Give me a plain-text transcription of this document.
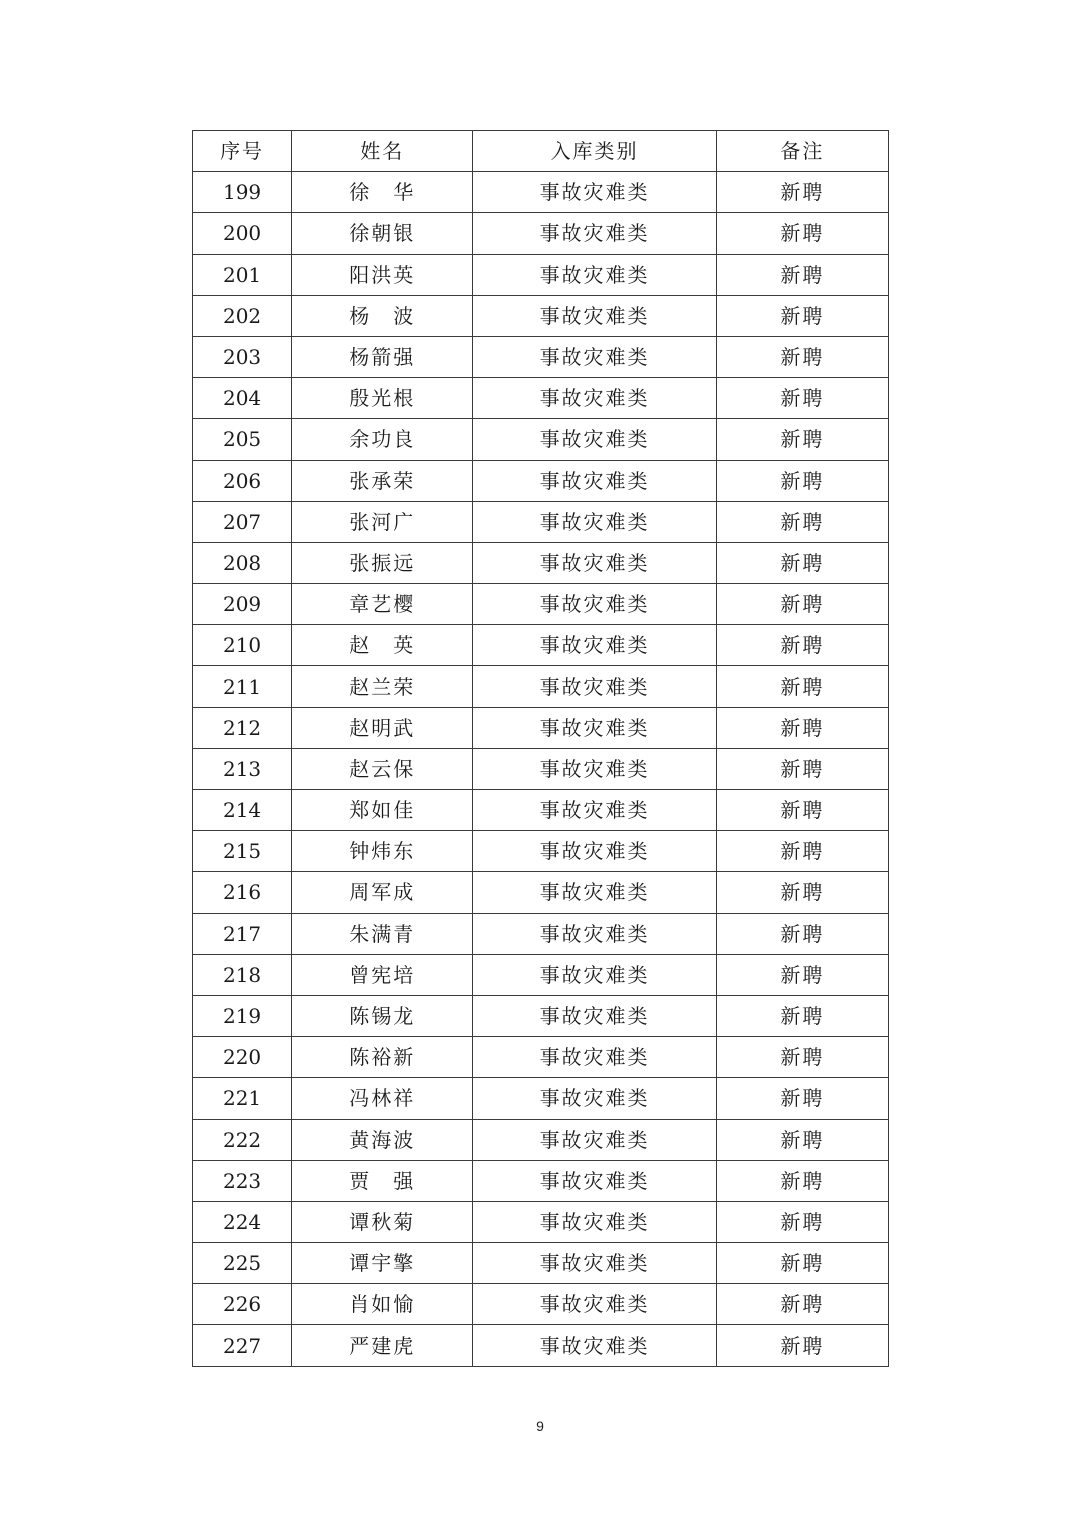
序号	姓名	入库类别	备注
199	徐　华	事故灾难类	新聘
200	徐朝银	事故灾难类	新聘
201	阳洪英	事故灾难类	新聘
202	杨　波	事故灾难类	新聘
203	杨箭强	事故灾难类	新聘
204	殷光根	事故灾难类	新聘
205	余功良	事故灾难类	新聘
206	张承荣	事故灾难类	新聘
207	张河广	事故灾难类	新聘
208	张振远	事故灾难类	新聘
209	章艺樱	事故灾难类	新聘
210	赵　英	事故灾难类	新聘
211	赵兰荣	事故灾难类	新聘
212	赵明武	事故灾难类	新聘
213	赵云保	事故灾难类	新聘
214	郑如佳	事故灾难类	新聘
215	钟炜东	事故灾难类	新聘
216	周军成	事故灾难类	新聘
217	朱满青	事故灾难类	新聘
218	曾宪培	事故灾难类	新聘
219	陈锡龙	事故灾难类	新聘
220	陈裕新	事故灾难类	新聘
221	冯林祥	事故灾难类	新聘
222	黄海波	事故灾难类	新聘
223	贾　强	事故灾难类	新聘
224	谭秋菊	事故灾难类	新聘
225	谭宇擎	事故灾难类	新聘
226	肖如愉	事故灾难类	新聘
227	严建虎	事故灾难类	新聘
9
